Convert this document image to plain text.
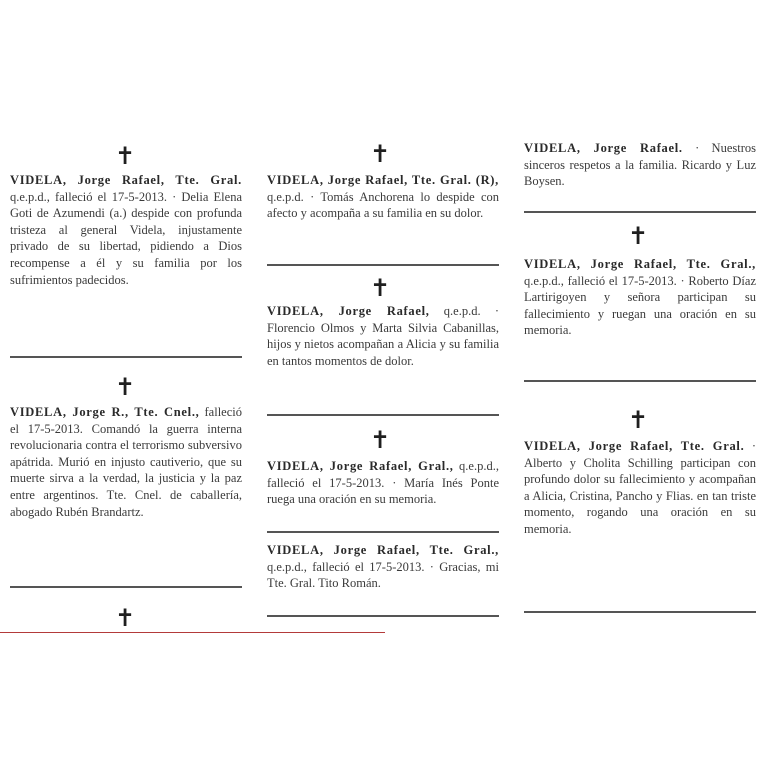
✝

VIDELA, Jorge Rafael, Tte. Gral. q.e.p.d., falleció el 17-5-2013. · Delia Elena Goti de Azumendi (a.) despide con profunda tristeza al general Videla, injustamente privado de su libertad, pidiendo a Dios recompense a él y su familia por los sufrimientos padecidos.

✝

VIDELA, Jorge R., Tte. Cnel., falleció el 17-5-2013. Comandó la guerra interna revolucionaria contra el terrorismo subversivo apátrida. Murió en injusto cautiverio, que su muerte sirva a la verdad, la justicia y la paz entre argentinos. Tte. Cnel. de caballería, abogado Rubén Brandartz.

✝
✝

VIDELA, Jorge Rafael, Tte. Gral. (R), q.e.p.d. · Tomás Anchorena lo despide con afecto y acompaña a su familia en su dolor.

✝

VIDELA, Jorge Rafael, q.e.p.d. · Florencio Olmos y Marta Silvia Cabanillas, hijos y nietos acompañan a Alicia y su familia en tantos momentos de dolor.

✝

VIDELA, Jorge Rafael, Gral., q.e.p.d., falleció el 17-5-2013. · María Inés Ponte ruega una oración en su memoria.

VIDELA, Jorge Rafael, Tte. Gral., q.e.p.d., falleció el 17-5-2013. · Gracias, mi Tte. Gral. Tito Román.

VIDELA, Jorge Rafael. · Nuestros sinceros respetos a la familia. Ricardo y Luz Boysen.

✝

VIDELA, Jorge Rafael, Tte. Gral., q.e.p.d., falleció el 17-5-2013. · Roberto Díaz Lartirigoyen y señora participan su fallecimiento y ruegan una oración en su memoria.

✝

VIDELA, Jorge Rafael, Tte. Gral. · Alberto y Cholita Schilling participan con profundo dolor su fallecimiento y acompañan a Alicia, Cristina, Pancho y Flias. en tan triste momento, rogando una oración en su memoria.
